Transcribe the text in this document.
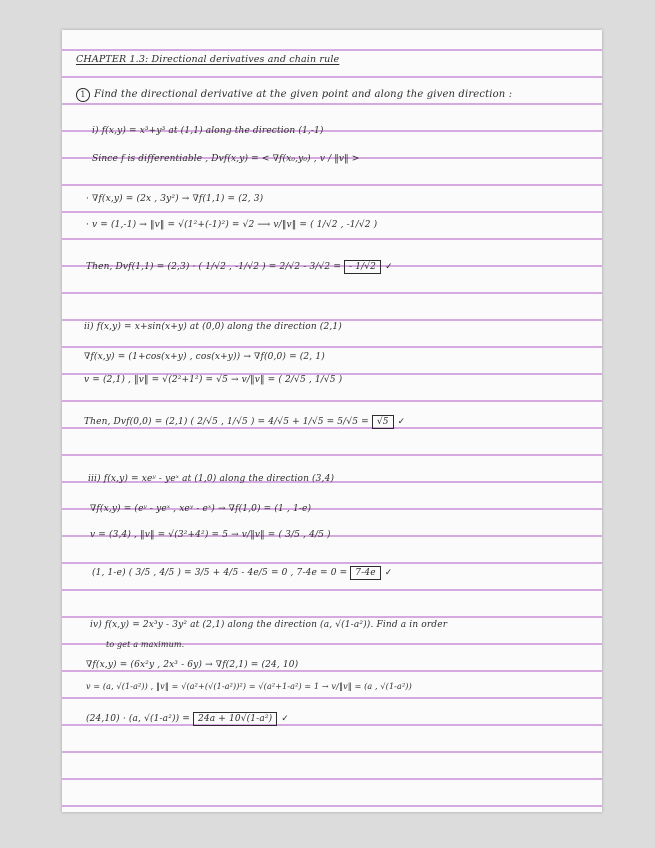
CHAPTER 1.3: Directional derivatives and chain rule
1 Find the directional derivative at the given point and along the given direction :
i) f(x,y) = x³+y³ at (1,1) along the direction (1,-1)
Since f is differentiable , Dvf(x,y) = < ∇f(x₀,y₀) , v / ‖v‖ >
· ∇f(x,y) = (2x , 3y²) → ∇f(1,1) = (2, 3)
· v = (1,-1) → ‖v‖ = √(1²+(-1)²) = √2 ⟶ v/‖v‖ = ( 1/√2 , -1/√2 )
Then, Dvf(1,1) = (2,3) · ( 1/√2 , -1/√2 ) = 2/√2 - 3/√2 = - 1/√2 ✓
ii) f(x,y) = x+sin(x+y) at (0,0) along the direction (2,1)
∇f(x,y) = (1+cos(x+y) , cos(x+y)) → ∇f(0,0) = (2, 1)
v = (2,1) , ‖v‖ = √(2²+1²) = √5 → v/‖v‖ = ( 2/√5 , 1/√5 )
Then, Dvf(0,0) = (2,1) ( 2/√5 , 1/√5 ) = 4/√5 + 1/√5 = 5/√5 = √5 ✓
iii) f(x,y) = xeʸ - yeˣ at (1,0) along the direction (3,4)
∇f(x,y) = (eʸ - yeˣ , xeʸ - eˣ) → ∇f(1,0) = (1 , 1-e)
v = (3,4) , ‖v‖ = √(3²+4²) = 5 → v/‖v‖ = ( 3/5 , 4/5 )
(1, 1-e) ( 3/5 , 4/5 ) = 3/5 + 4/5 - 4e/5 = 0 , 7-4e = 0 = 7-4e ✓
iv) f(x,y) = 2x³y - 3y² at (2,1) along the direction (a, √(1-a²)). Find a in order
to get a maximum.
∇f(x,y) = (6x²y , 2x³ - 6y) → ∇f(2,1) = (24, 10)
v = (a, √(1-a²)) , ‖v‖ = √(a²+(√(1-a²))²) = √(a²+1-a²) = 1 → v/‖v‖ = (a , √(1-a²))
(24,10) · (a, √(1-a²)) = 24a + 10√(1-a²) ✓
